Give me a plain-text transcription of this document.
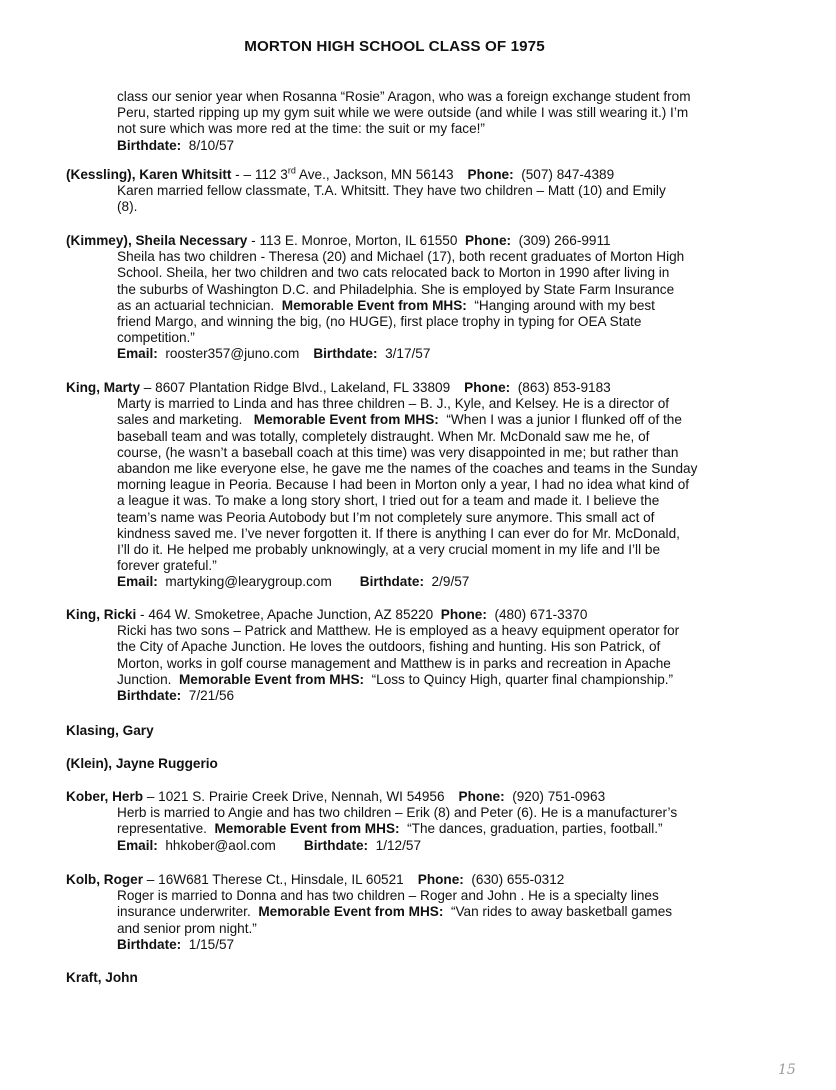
MORTON HIGH SCHOOL CLASS OF 1975

class our senior year when Rosanna “Rosie” Aragon, who was a foreign exchange student from

Peru, started ripping up my gym suit while we were outside (and while I was still wearing it.) I’m

not sure which was more red at the time: the suit or my face!”

Birthdate: 8/10/57

(Kessling), Karen Whitsitt - – 112 3rd Ave., Jackson, MN 56143 Phone: (507) 847-4389

Karen married fellow classmate, T.A. Whitsitt. They have two children – Matt (10) and Emily

(8).

(Kimmey), Sheila Necessary - 113 E. Monroe, Morton, IL 61550 Phone: (309) 266-9911

Sheila has two children - Theresa (20) and Michael (17), both recent graduates of Morton High

School. Sheila, her two children and two cats relocated back to Morton in 1990 after living in

the suburbs of Washington D.C. and Philadelphia. She is employed by State Farm Insurance

as an actuarial technician. Memorable Event from MHS: “Hanging around with my best

friend Margo, and winning the big, (no HUGE), first place trophy in typing for OEA State

competition.”

Email: rooster357@juno.com Birthdate: 3/17/57

King, Marty – 8607 Plantation Ridge Blvd., Lakeland, FL 33809 Phone: (863) 853-9183

Marty is married to Linda and has three children – B. J., Kyle, and Kelsey. He is a director of

sales and marketing. Memorable Event from MHS: “When I was a junior I flunked off of the

baseball team and was totally, completely distraught. When Mr. McDonald saw me he, of

course, (he wasn’t a baseball coach at this time) was very disappointed in me; but rather than

abandon me like everyone else, he gave me the names of the coaches and teams in the Sunday

morning league in Peoria. Because I had been in Morton only a year, I had no idea what kind of

a league it was. To make a long story short, I tried out for a team and made it. I believe the

team’s name was Peoria Autobody but I’m not completely sure anymore. This small act of

kindness saved me. I’ve never forgotten it. If there is anything I can ever do for Mr. McDonald,

I’ll do it. He helped me probably unknowingly, at a very crucial moment in my life and I’ll be

forever grateful.”

Email: martyking@learygroup.com Birthdate: 2/9/57

King, Ricki - 464 W. Smoketree, Apache Junction, AZ 85220 Phone: (480) 671-3370

Ricki has two sons – Patrick and Matthew. He is employed as a heavy equipment operator for

the City of Apache Junction. He loves the outdoors, fishing and hunting. His son Patrick, of

Morton, works in golf course management and Matthew is in parks and recreation in Apache

Junction. Memorable Event from MHS: “Loss to Quincy High, quarter final championship.”

Birthdate: 7/21/56

Klasing, Gary
(Klein), Jayne Ruggerio
Kober, Herb – 1021 S. Prairie Creek Drive, Nennah, WI 54956 Phone: (920) 751-0963

Herb is married to Angie and has two children – Erik (8) and Peter (6). He is a manufacturer’s

representative. Memorable Event from MHS: “The dances, graduation, parties, football.”

Email: hhkober@aol.com Birthdate: 1/12/57

Kolb, Roger – 16W681 Therese Ct., Hinsdale, IL 60521 Phone: (630) 655-0312

Roger is married to Donna and has two children – Roger and John . He is a specialty lines

insurance underwriter. Memorable Event from MHS: “Van rides to away basketball games

and senior prom night.”

Birthdate: 1/15/57

Kraft, John
15
